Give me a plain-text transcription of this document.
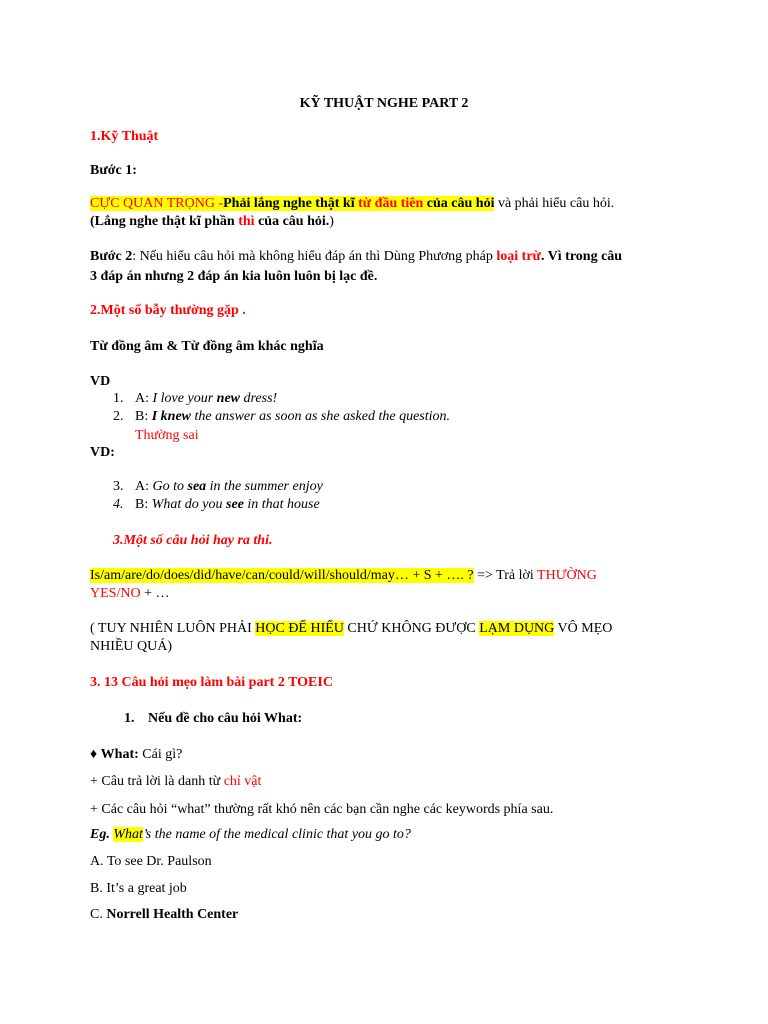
KỸ THUẬT NGHE PART 2
1.Kỹ Thuật
Bước 1:
CỰC QUAN TRỌNG -Phải lắng nghe thật kĩ từ đầu tiên của câu hỏi và phải hiểu câu hỏi.
(Lắng nghe thật kĩ phần thì của câu hỏi.)
Bước 2: Nếu hiểu câu hỏi mà không hiểu đáp án thì Dùng Phương pháp loại trừ. Vì trong câu
3 đáp án nhưng 2 đáp án kia luôn luôn bị lạc đề.
2.Một số bẫy thường gặp .
Từ đồng âm & Từ đồng âm khác nghĩa
VD
1. A: I love your new dress!
2. B: I knew the answer as soon as she asked the question.
Thường sai
VD:
3. A: Go to sea in the summer enjoy
4. B: What do you see in that house
3.Một số câu hỏi hay ra thi.
Is/am/are/do/does/did/have/can/could/will/should/may… + S + …. ? => Trả lời THƯỜNG
YES/NO + …
( TUY NHIÊN LUÔN PHẢI HỌC ĐỂ HIỂU CHỨ KHÔNG ĐƯỢC LẠM DỤNG VÔ MẸO
NHIỀU QUÁ)
3. 13 Câu hỏi mẹo làm bài part 2 TOEIC
1. Nếu đề cho câu hỏi What:
♦ What: Cái gì?
+ Câu trả lời là danh từ chỉ vật
+ Các câu hỏi “what” thường rất khó nên các bạn cần nghe các keywords phía sau.
Eg. What’s the name of the medical clinic that you go to?
A. To see Dr. Paulson
B. It’s a great job
C. Norrell Health Center
